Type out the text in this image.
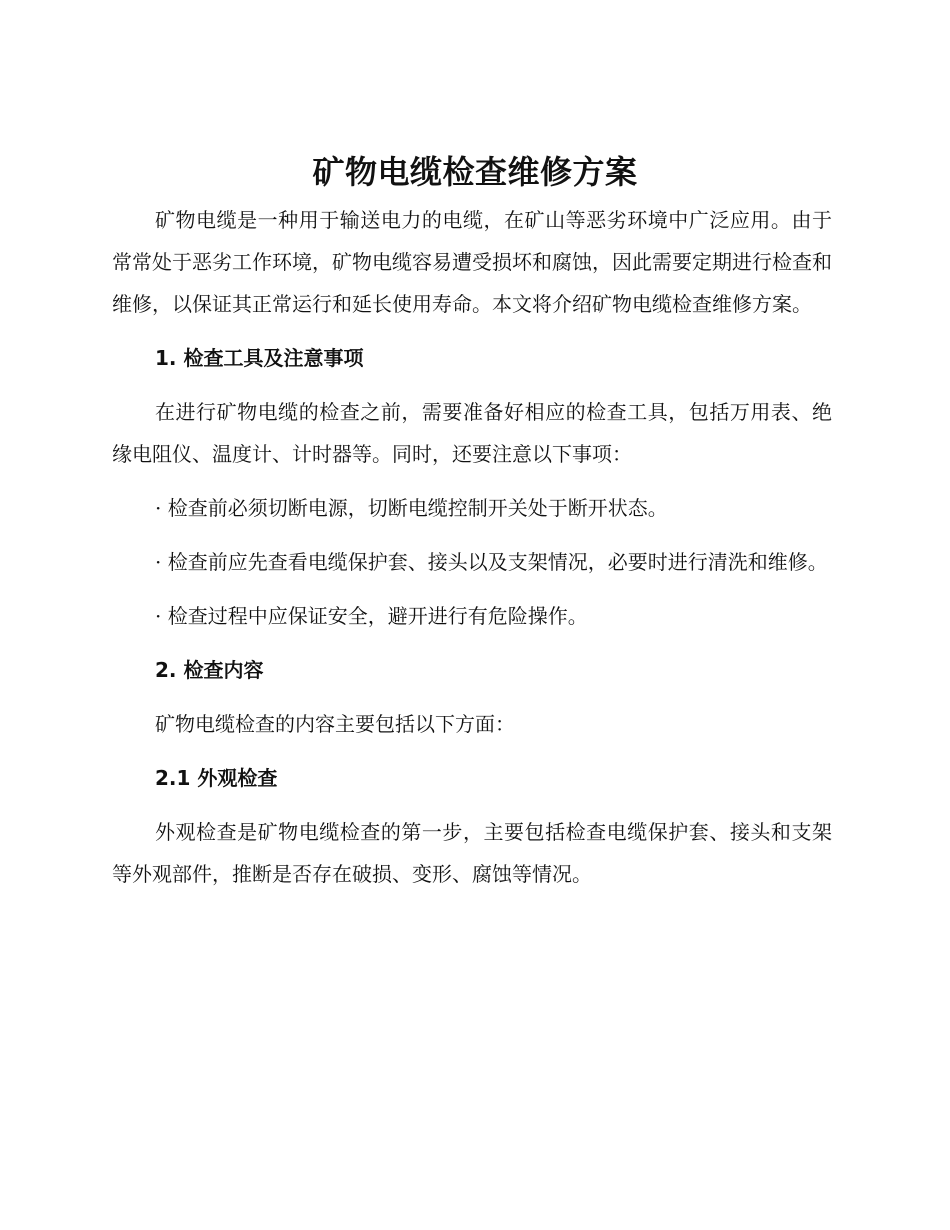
矿物电缆检查维修方案

矿物电缆是一种用于输送电力的电缆，在矿山等恶劣环境中广泛应用。由于常常处于恶劣工作环境，矿物电缆容易遭受损坏和腐蚀，因此需要定期进行检查和维修，以保证其正常运行和延长使用寿命。本文将介绍矿物电缆检查维修方案。

1. 检查工具及注意事项

在进行矿物电缆的检查之前，需要准备好相应的检查工具，包括万用表、绝缘电阻仪、温度计、计时器等。同时，还要注意以下事项：

· 检查前必须切断电源，切断电缆控制开关处于断开状态。

· 检查前应先查看电缆保护套、接头以及支架情况，必要时进行清洗和维修。

· 检查过程中应保证安全，避开进行有危险操作。

2. 检查内容

矿物电缆检查的内容主要包括以下方面：

2.1 外观检查

外观检查是矿物电缆检查的第一步，主要包括检查电缆保护套、接头和支架等外观部件，推断是否存在破损、变形、腐蚀等情况。
